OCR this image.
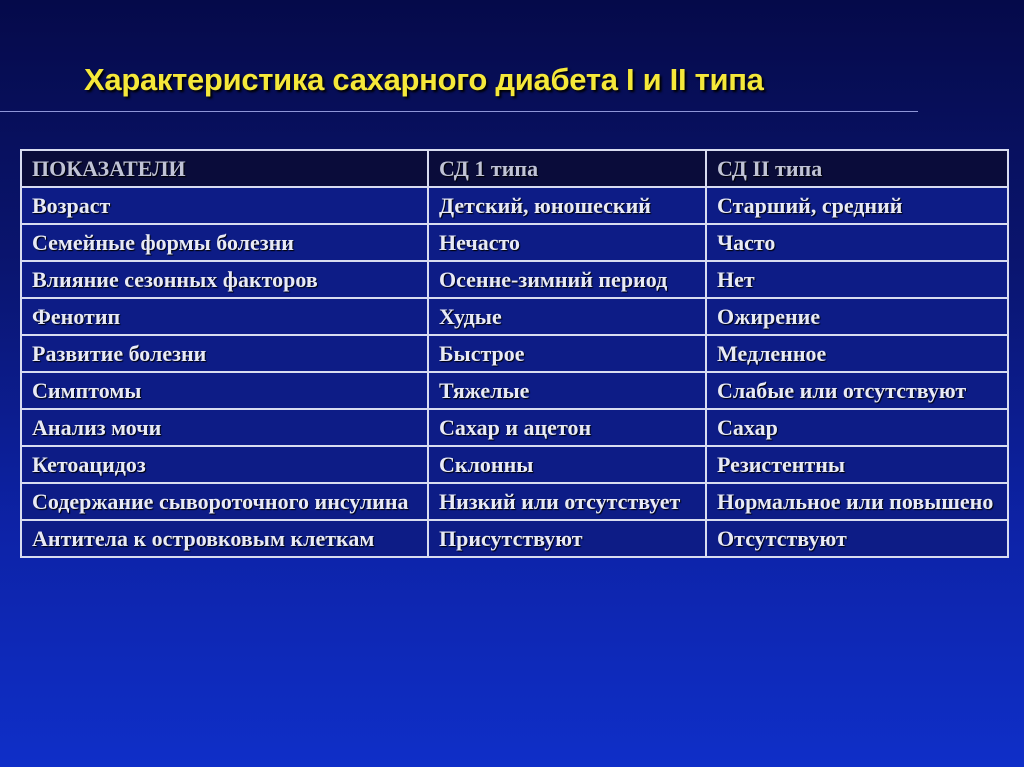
Характеристика сахарного диабета I и II типа
ПОКАЗАТЕЛИ	СД 1 типа	СД II типа
Возраст	Детский, юношеский	Старший, средний
Семейные формы болезни	Нечасто	Часто
Влияние сезонных факторов	Осенне-зимний период	Нет
Фенотип	Худые	Ожирение
Развитие болезни	Быстрое	Медленное
Симптомы	Тяжелые	Слабые или отсутствуют
Анализ мочи	Сахар и ацетон	Сахар
Кетоацидоз	Склонны	Резистентны
Содержание сывороточного инсулина	Низкий или отсутствует	Нормальное или повышено
Антитела к островковым клеткам	Присутствуют	Отсутствуют
